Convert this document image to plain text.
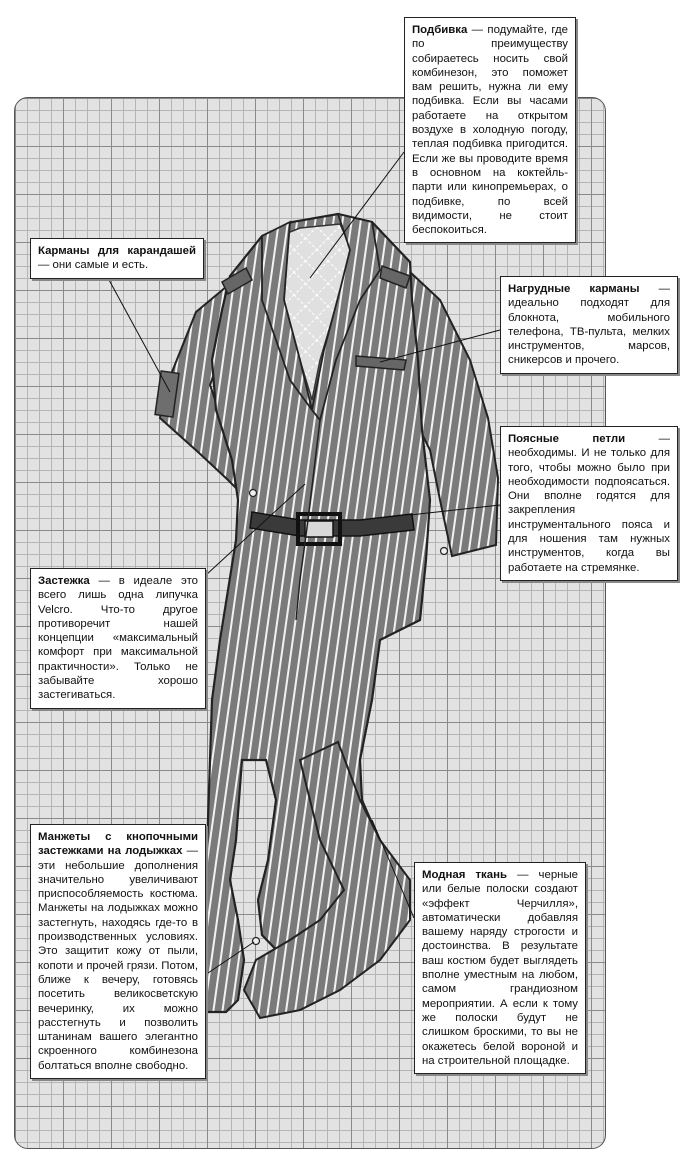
Подбивка — подумайте, где по преимуществу собираетесь носить свой комбинезон, это поможет вам решить, нужна ли ему подбивка. Если вы часами работаете на открытом воздухе в холодную погоду, теплая подбивка пригодится. Если же вы проводите время в основном на коктейль-парти или кинопремьерах, о подбивке, по всей видимости, не стоит беспокоиться.
Карманы для карандашей — они самые и есть.
Нагрудные карманы — идеально подходят для блокнота, мобильного телефона, ТВ-пульта, мелких инструментов, марсов, сникерсов и прочего.
Поясные петли	— необходимы. И не только для того, чтобы можно было при необходимости подпоясаться. Они вполне годятся для закрепления инструментального пояса и для ношения там нужных инструментов, когда вы работаете на стремянке.
Застежка — в идеале это всего лишь одна липучка Velcro. Что-то другое противоречит нашей концепции «максимальный комфорт при максимальной практичности». Только не забывайте хорошо застегиваться.
Манжеты с кнопочными застежками на лодыжках — эти небольшие дополнения значительно увеличивают приспособляемость костюма. Манжеты на лодыжках можно застегнуть, находясь где-то в производственных условиях. Это защитит кожу от пыли, копоти и прочей грязи. Потом, ближе к вечеру, готовясь посетить великосветскую вечеринку, их можно расстегнуть и позволить штанинам вашего элегантно скроенного комбинезона болтаться вполне свободно.
Модная ткань — черные или белые полоски создают «эффект Черчилля», автоматически добавляя вашему наряду строгости и достоинства. В результате ваш костюм будет выглядеть вполне уместным на любом, самом грандиозном мероприятии. А если к тому же полоски будут не слишком броскими, то вы не окажетесь белой вороной и на строительной площадке.
